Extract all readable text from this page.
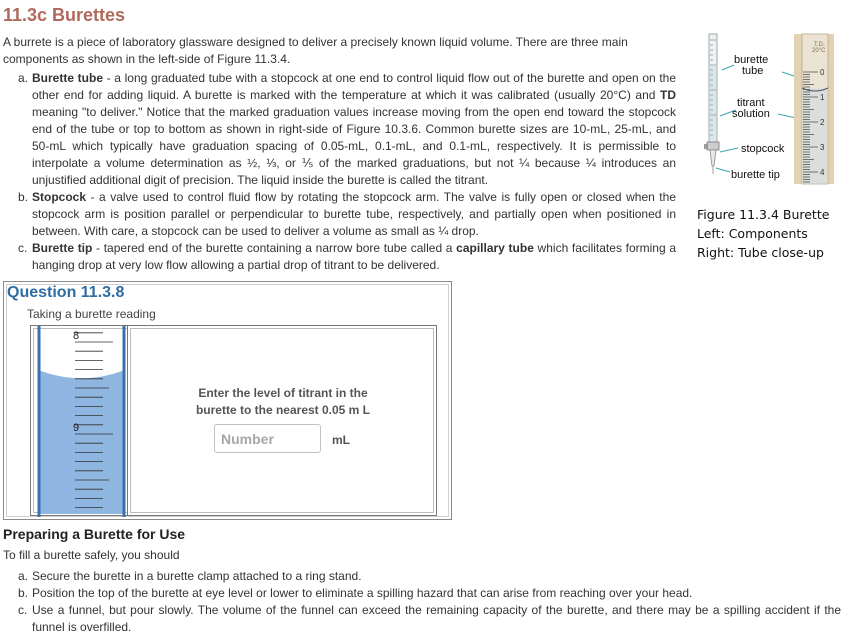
11.3c Burettes

A burrete is a piece of laboratory glassware designed to deliver a precisely known liquid volume. There are three main components as shown in the left-side of Figure 11.3.4.

a. Burette tube - a long graduated tube with a stopcock at one end to control liquid flow out of the burette and open on the other end for adding liquid. A burette is marked with the temperature at which it was calibrated (usually 20°C) and TD meaning "to deliver." Notice that the marked graduation values increase moving from the open end toward the stopcock end of the tube or top to bottom as shown in right-side of Figure 10.3.6. Common burette sizes are 10-mL, 25-mL, and 50-mL which typically have graduation spacing of 0.05-mL, 0.1-mL, and 0.1-mL, respectively. It is permissible to interpolate a volume determination as ½, ⅓, or ⅕ of the marked graduations, but not ¼ because ¼ introduces an unjustified additional digit of precision. The liquid inside the burette is called the titrant.
b. Stopcock - a valve used to control fluid flow by rotating the stopcock arm. The valve is fully open or closed when the stopcock arm is position parallel or perpendicular to burette tube, respectively, and partially open when positioned in between. With care, a stopcock can be used to deliver a volume as small as ¼ drop.
c. Burette tip - tapered end of the burette containing a narrow bore tube called a capillary tube which facilitates forming a hanging drop at very low flow allowing a partial drop of titrant to be delivered.
burette
tube
titrant
solution
stopcock
burette tip
0
1
2
3
4
T.D.
20°C
Figure 11.3.4 Burette
Left: Components
Right: Tube close-up
Question 11.3.8
Taking a burette reading
8
9
Enter the level of titrant in the burette to the nearest 0.05 m L
Number
mL
Preparing a Burette for Use

To fill a burette safely, you should

a. Secure the burette in a burette clamp attached to a ring stand.
b. Position the top of the burette at eye level or lower to eliminate a spilling hazard that can arise from reaching over your head.
c. Use a funnel, but pour slowly. The volume of the funnel can exceed the remaining capacity of the burette, and there may be a spilling accident if the funnel is overfilled.
